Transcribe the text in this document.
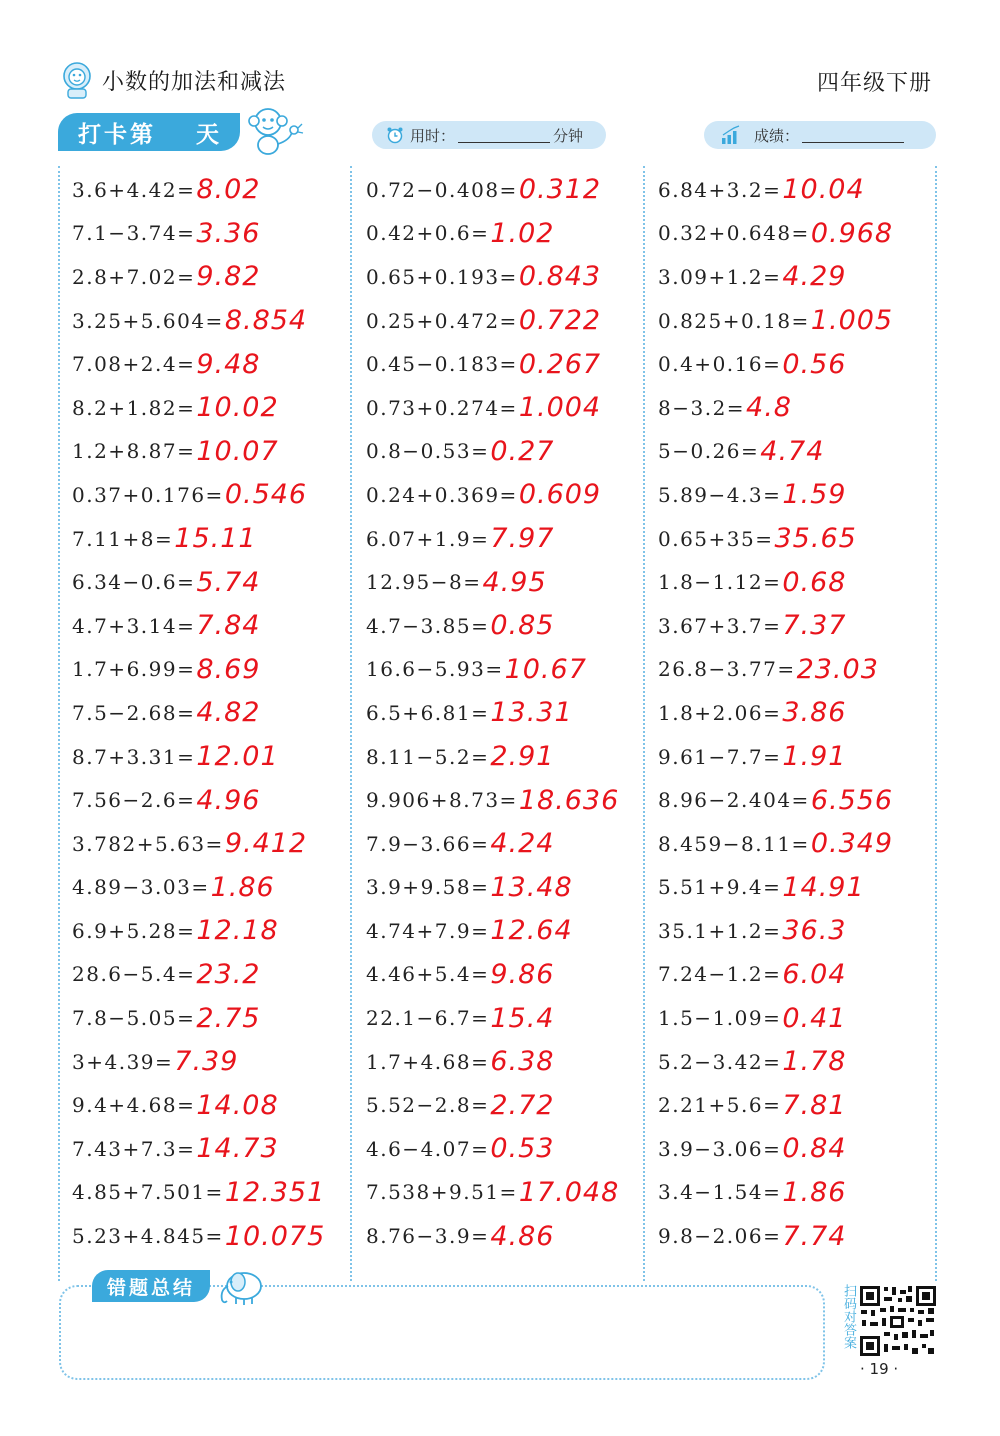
小数的加法和减法	四年级下册
打卡第 天	用时：	分钟	成绩：
3.6+4.42= 8.02
7.1−3.74= 3.36
2.8+7.02= 9.82
3.25+5.604= 8.854
7.08+2.4= 9.48
8.2+1.82= 10.02
1.2+8.87= 10.07
0.37+0.176= 0.546
7.11+8= 15.11
6.34−0.6= 5.74
4.7+3.14= 7.84
1.7+6.99= 8.69
7.5−2.68= 4.82
8.7+3.31= 12.01
7.56−2.6= 4.96
3.782+5.63= 9.412
4.89−3.03= 1.86
6.9+5.28= 12.18
28.6−5.4= 23.2
7.8−5.05= 2.75
3+4.39= 7.39
9.4+4.68= 14.08
7.43+7.3= 14.73
4.85+7.501= 12.351
5.23+4.845= 10.075
0.72−0.408= 0.312
0.42+0.6= 1.02
0.65+0.193= 0.843
0.25+0.472= 0.722
0.45−0.183= 0.267
0.73+0.274= 1.004
0.8−0.53= 0.27
0.24+0.369= 0.609
6.07+1.9= 7.97
12.95−8= 4.95
4.7−3.85= 0.85
16.6−5.93= 10.67
6.5+6.81= 13.31
8.11−5.2= 2.91
9.906+8.73= 18.636
7.9−3.66= 4.24
3.9+9.58= 13.48
4.74+7.9= 12.64
4.46+5.4= 9.86
22.1−6.7= 15.4
1.7+4.68= 6.38
5.52−2.8= 2.72
4.6−4.07= 0.53
7.538+9.51= 17.048
8.76−3.9= 4.86
6.84+3.2= 10.04
0.32+0.648= 0.968
3.09+1.2= 4.29
0.825+0.18= 1.005
0.4+0.16= 0.56
8−3.2= 4.8
5−0.26= 4.74
5.89−4.3= 1.59
0.65+35= 35.65
1.8−1.12= 0.68
3.67+3.7= 7.37
26.8−3.77= 23.03
1.8+2.06= 3.86
9.61−7.7= 1.91
8.96−2.404= 6.556
8.459−8.11= 0.349
5.51+9.4= 14.91
35.1+1.2= 36.3
7.24−1.2= 6.04
1.5−1.09= 0.41
5.2−3.42= 1.78
2.21+5.6= 7.81
3.9−3.06= 0.84
3.4−1.54= 1.86
9.8−2.06= 7.74
错题总结	扫码对答案
· 19 ·
